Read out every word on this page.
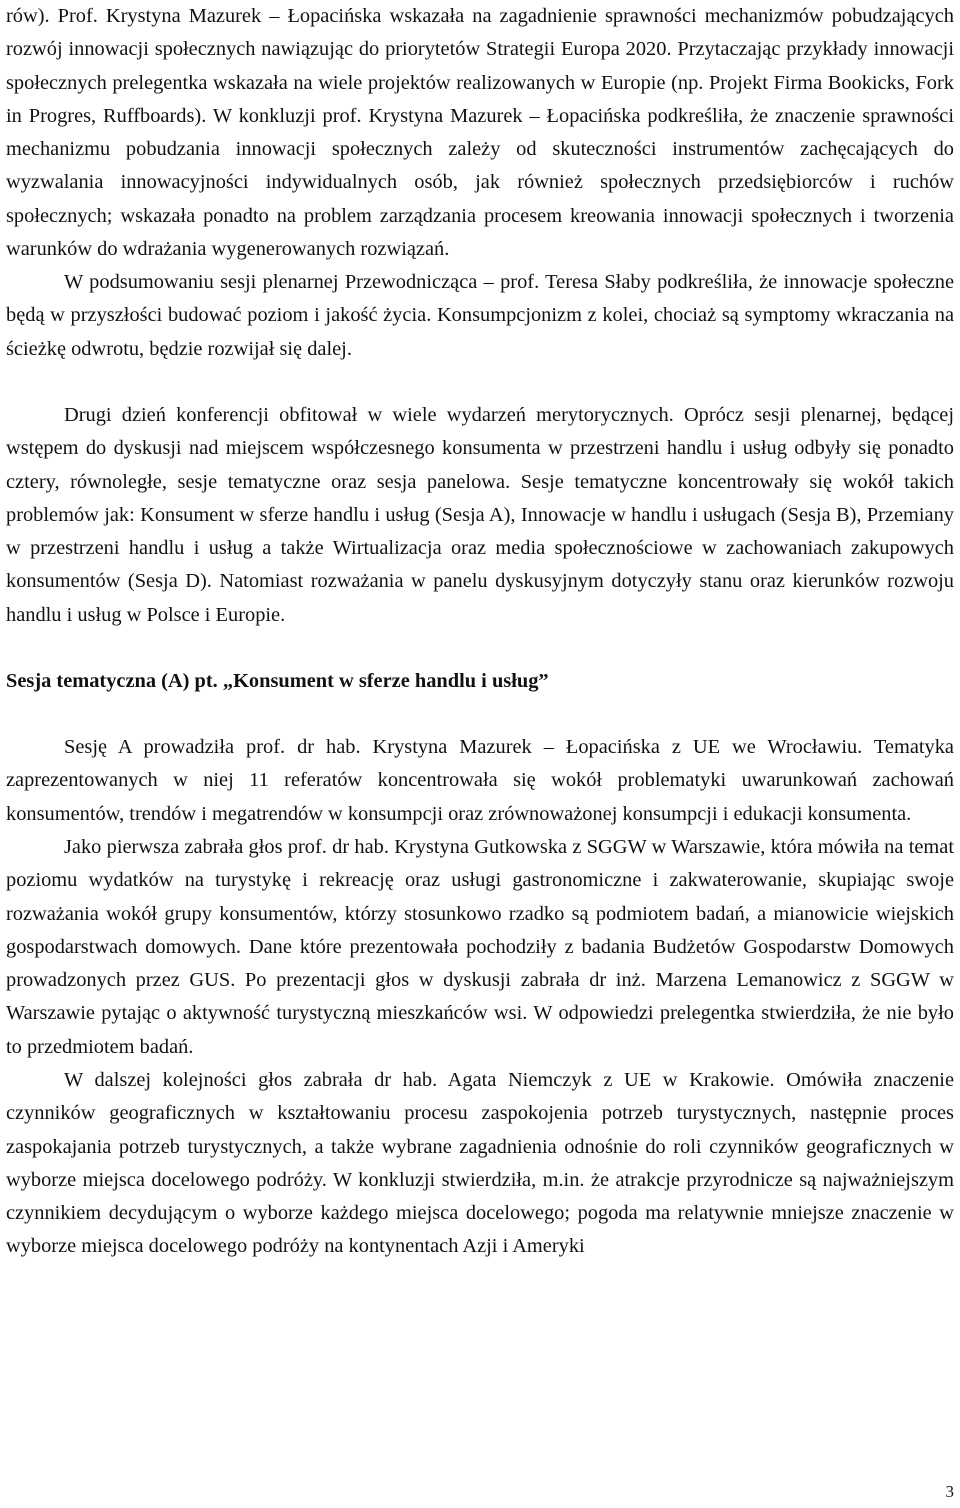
rów). Prof. Krystyna Mazurek – Łopacińska wskazała na zagadnienie sprawności mechanizmów pobudzających rozwój innowacji społecznych nawiązując do priorytetów Strategii Europa 2020. Przytaczając przykłady innowacji społecznych prelegentka wskazała na wiele projektów realizowanych w Europie (np. Projekt Firma Bookicks, Fork in Progres, Ruffboards). W konkluzji prof. Krystyna Mazurek – Łopacińska podkreśliła, że znaczenie sprawności mechanizmu pobudzania innowacji społecznych zależy od skuteczności instrumentów zachęcających do wyzwalania innowacyjności indywidualnych osób, jak również społecznych przedsiębiorców i ruchów społecznych; wskazała ponadto na problem zarządzania procesem kreowania innowacji społecznych i tworzenia warunków do wdrażania wygenerowanych rozwiązań.

W podsumowaniu sesji plenarnej Przewodnicząca – prof. Teresa Słaby podkreśliła, że innowacje społeczne będą w przyszłości budować poziom i jakość życia. Konsumpcjonizm z kolei, chociaż są symptomy wkraczania na ścieżkę odwrotu, będzie rozwijał się dalej.

Drugi dzień konferencji obfitował w wiele wydarzeń merytorycznych. Oprócz sesji plenarnej, będącej wstępem do dyskusji nad miejscem współczesnego konsumenta w przestrzeni handlu i usług odbyły się ponadto cztery, równoległe, sesje tematyczne oraz sesja panelowa. Sesje tematyczne koncentrowały się wokół takich problemów jak: Konsument w sferze handlu i usług (Sesja A), Innowacje w handlu i usługach (Sesja B), Przemiany w przestrzeni handlu i usług a także Wirtualizacja oraz media społecznościowe w zachowaniach zakupowych konsumentów (Sesja D). Natomiast rozważania w panelu dyskusyjnym dotyczyły stanu oraz kierunków rozwoju handlu i usług w Polsce i Europie.

Sesja tematyczna (A) pt. „Konsument w sferze handlu i usług”

Sesję A prowadziła prof. dr hab. Krystyna Mazurek – Łopacińska z UE we Wrocławiu. Tematyka zaprezentowanych w niej 11 referatów koncentrowała się wokół problematyki uwarunkowań zachowań konsumentów, trendów i megatrendów w konsumpcji oraz zrównoważonej konsumpcji i edukacji konsumenta.

Jako pierwsza zabrała głos prof. dr hab. Krystyna Gutkowska z SGGW w Warszawie, która mówiła na temat poziomu wydatków na turystykę i rekreację oraz usługi gastronomiczne i zakwaterowanie, skupiając swoje rozważania wokół grupy konsumentów, którzy stosunkowo rzadko są podmiotem badań, a mianowicie wiejskich gospodarstwach domowych. Dane które prezentowała pochodziły z badania Budżetów Gospodarstw Domowych prowadzonych przez GUS. Po prezentacji głos w dyskusji zabrała dr inż. Marzena Lemanowicz z SGGW w Warszawie pytając o aktywność turystyczną mieszkańców wsi. W odpowiedzi prelegentka stwierdziła, że nie było to przedmiotem badań.

W dalszej kolejności głos zabrała dr hab. Agata Niemczyk z UE w Krakowie. Omówiła znaczenie czynników geograficznych w kształtowaniu procesu zaspokojenia potrzeb turystycznych, następnie proces zaspokajania potrzeb turystycznych, a także wybrane zagadnienia odnośnie do roli czynników geograficznych w wyborze miejsca docelowego podróży. W konkluzji stwierdziła, m.in. że atrakcje przyrodnicze są najważniejszym czynnikiem decydującym o wyborze każdego miejsca docelowego; pogoda ma relatywnie mniejsze znaczenie w wyborze miejsca docelowego podróży na kontynentach Azji i Ameryki

3
